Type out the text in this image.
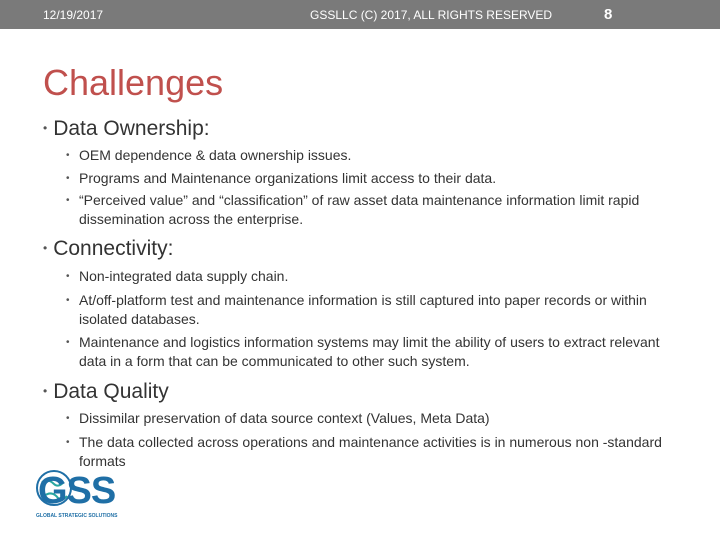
12/19/2017	GSSLLC (C) 2017, ALL RIGHTS RESERVED	8
Challenges
• Data Ownership:
• OEM dependence & data ownership issues.
• Programs and Maintenance organizations limit access to their data.
• “Perceived value” and “classification” of raw asset data maintenance information limit rapid dissemination across the enterprise.
• Connectivity:
• Non-integrated data supply chain.
• At/off-platform test and maintenance information is still captured into paper records or within isolated databases.
• Maintenance and logistics information systems may limit the ability of users to extract relevant data in a form that can be communicated to other such system.
• Data Quality
• Dissimilar preservation of data source context (Values, Meta Data)
• The data collected across operations and maintenance activities is in numerous non -standard formats
GSS
GLOBAL STRATEGIC SOLUTIONS
